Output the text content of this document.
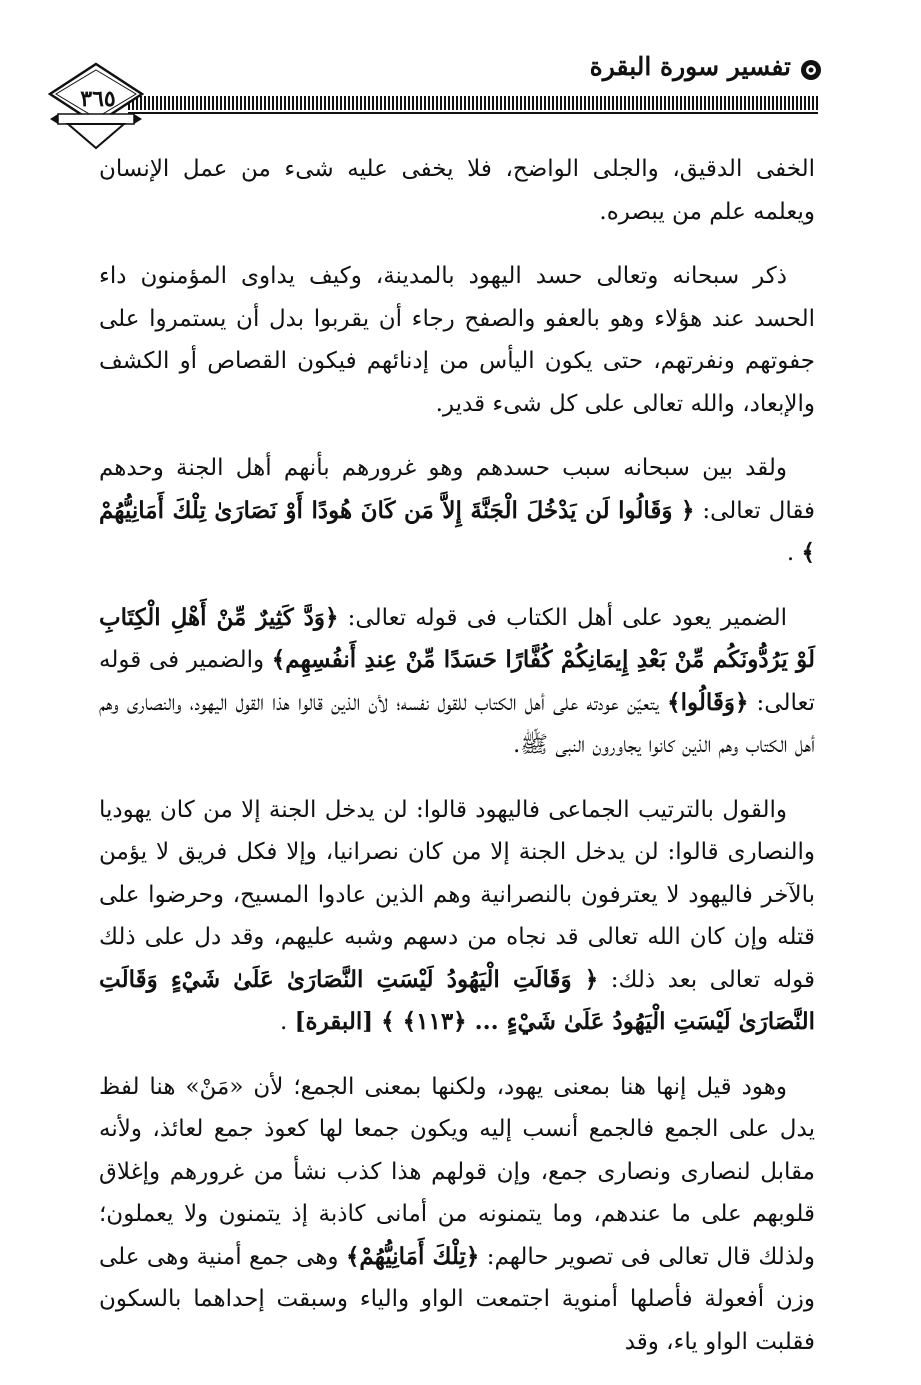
تفسير سورة البقرة
٣٦٥

الخفى الدقيق، والجلى الواضح، فلا يخفى عليه شىء من عمل الإنسان ويعلمه علم من يبصره.

ذكر سبحانه وتعالى حسد اليهود بالمدينة، وكيف يداوى المؤمنون داء الحسد عند هؤلاء وهو بالعفو والصفح رجاء أن يقربوا بدل أن يستمروا على جفوتهم ونفرتهم، حتى يكون اليأس من إدنائهم فيكون القصاص أو الكشف والإبعاد، والله تعالى على كل شىء قدير.

ولقد بين سبحانه سبب حسدهم وهو غرورهم بأنهم أهل الجنة وحدهم فقال تعالى: ﴿ وَقَالُوا لَن يَدْخُلَ الْجَنَّةَ إِلاَّ مَن كَانَ هُودًا أَوْ نَصَارَىٰ تِلْكَ أَمَانِيُّهُمْ ﴾ .

الضمير يعود على أهل الكتاب فى قوله تعالى: ﴿وَدَّ كَثِيرٌ مِّنْ أَهْلِ الْكِتَابِ لَوْ يَرُدُّونَكُم مِّنْ بَعْدِ إِيمَانِكُمْ كُفَّارًا حَسَدًا مِّنْ عِندِ أَنفُسِهِم﴾ والضمير فى قوله تعالى: ﴿وَقَالُوا﴾ يتعيّن عودته على أهل الكتاب للقول نفسه؛ لأن الذين قالوا هذا القول اليهود، والنصارى وهم أهل الكتاب وهم الذين كانوا يجاورون النبى ﷺ.

والقول بالترتيب الجماعى فاليهود قالوا: لن يدخل الجنة إلا من كان يهوديا والنصارى قالوا: لن يدخل الجنة إلا من كان نصرانيا، وإلا فكل فريق لا يؤمن بالآخر فاليهود لا يعترفون بالنصرانية وهم الذين عادوا المسيح، وحرضوا على قتله وإن كان الله تعالى قد نجاه من دسهم وشبه عليهم، وقد دل على ذلك قوله تعالى بعد ذلك: ﴿ وَقَالَتِ الْيَهُودُ لَيْسَتِ النَّصَارَىٰ عَلَىٰ شَيْءٍ وَقَالَتِ النَّصَارَىٰ لَيْسَتِ الْيَهُودُ عَلَىٰ شَيْءٍ ... ﴿١١٣﴾ ﴾ [البقرة] .

وهود قيل إنها هنا بمعنى يهود، ولكنها بمعنى الجمع؛ لأن «مَنْ» هنا لفظ يدل على الجمع فالجمع أنسب إليه ويكون جمعا لها كعوذ جمع لعائذ، ولأنه مقابل لنصارى ونصارى جمع، وإن قولهم هذا كذب نشأ من غرورهم وإغلاق قلوبهم على ما عندهم، وما يتمنونه من أمانى كاذبة إذ يتمنون ولا يعملون؛ ولذلك قال تعالى فى تصوير حالهم: ﴿تِلْكَ أَمَانِيُّهُمْ﴾ وهى جمع أمنية وهى على وزن أفعولة فأصلها أمنوية اجتمعت الواو والياء وسبقت إحداهما بالسكون فقلبت الواو ياء، وقد
